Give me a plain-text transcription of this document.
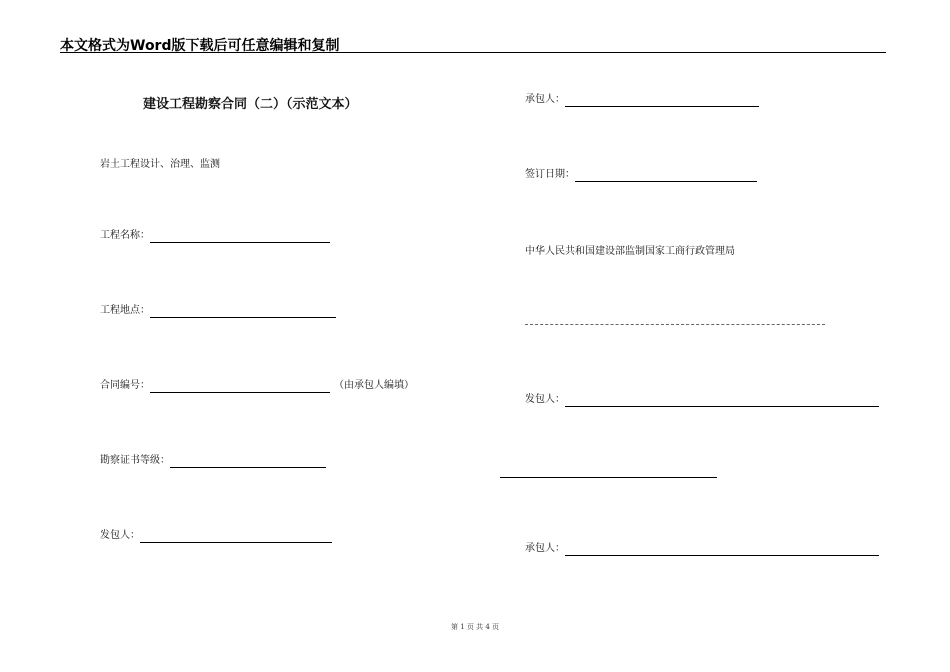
本文格式为Word版下载后可任意编辑和复制
建设工程勘察合同（二）（示范文本）
岩土工程设计、治理、监测
工程名称：
工程地点：
合同编号：	（由承包人编填）
勘察证书等级：
发包人：
承包人：
签订日期：
中华人民共和国建设部监制国家工商行政管理局
发包人：
承包人：
第 1 页 共 4 页
